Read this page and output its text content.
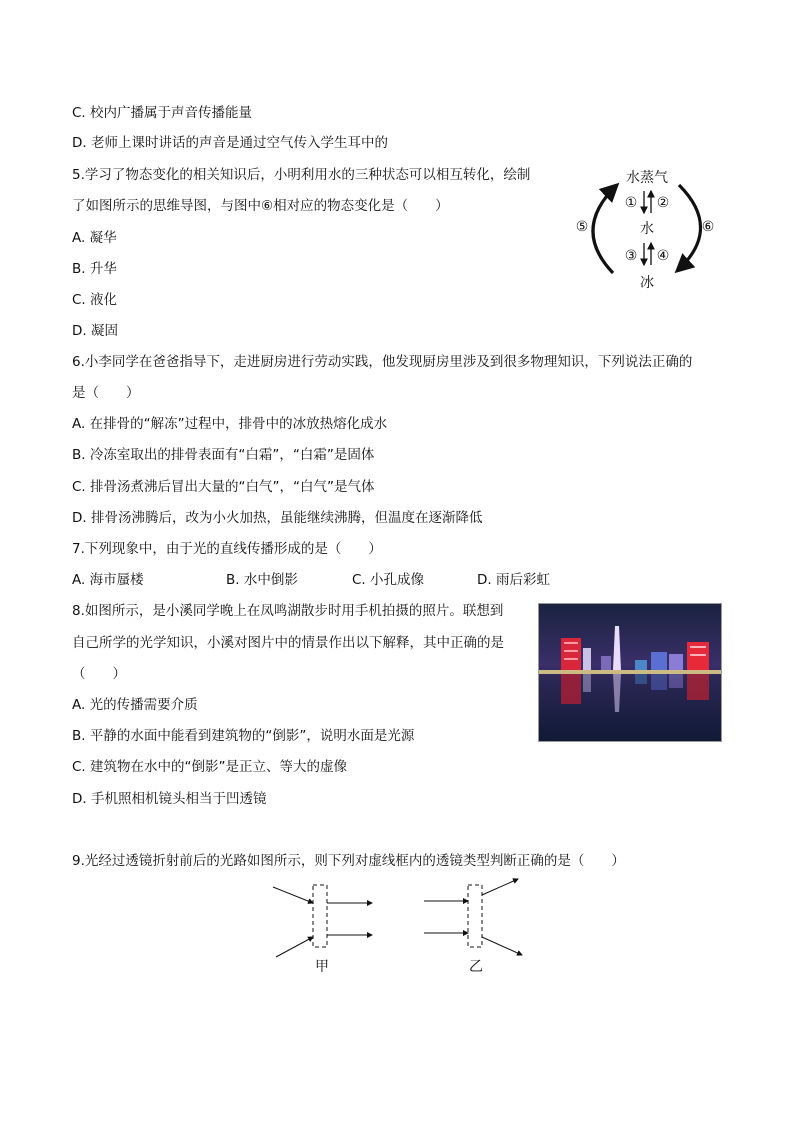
C. 校内广播属于声音传播能量
D. 老师上课时讲话的声音是通过空气传入学生耳中的
5.学习了物态变化的相关知识后，小明利用水的三种状态可以相互转化，绘制
了如图所示的思维导图，与图中⑥相对应的物态变化是（　　）
A. 凝华
B. 升华
C. 液化
D. 凝固
水蒸气
水
冰
① ②
③ ④
⑤	⑥
6.小李同学在爸爸指导下，走进厨房进行劳动实践，他发现厨房里涉及到很多物理知识，下列说法正确的
是（　　）
A. 在排骨的“解冻”过程中，排骨中的冰放热熔化成水
B. 冷冻室取出的排骨表面有“白霜”，“白霜”是固体
C. 排骨汤煮沸后冒出大量的“白气”，“白气”是气体
D. 排骨汤沸腾后，改为小火加热，虽能继续沸腾，但温度在逐渐降低
7.下列现象中，由于光的直线传播形成的是（　　）
A. 海市蜃楼	B. 水中倒影	C. 小孔成像	D. 雨后彩虹
8.如图所示，是小溪同学晚上在凤鸣湖散步时用手机拍摄的照片。联想到
自己所学的光学知识，小溪对图片中的情景作出以下解释，其中正确的是
（　　）
A. 光的传播需要介质
B. 平静的水面中能看到建筑物的“倒影”，说明水面是光源
C. 建筑物在水中的“倒影”是正立、等大的虚像
D. 手机照相机镜头相当于凹透镜
9.光经过透镜折射前后的光路如图所示，则下列对虚线框内的透镜类型判断正确的是（　　）
甲	乙
